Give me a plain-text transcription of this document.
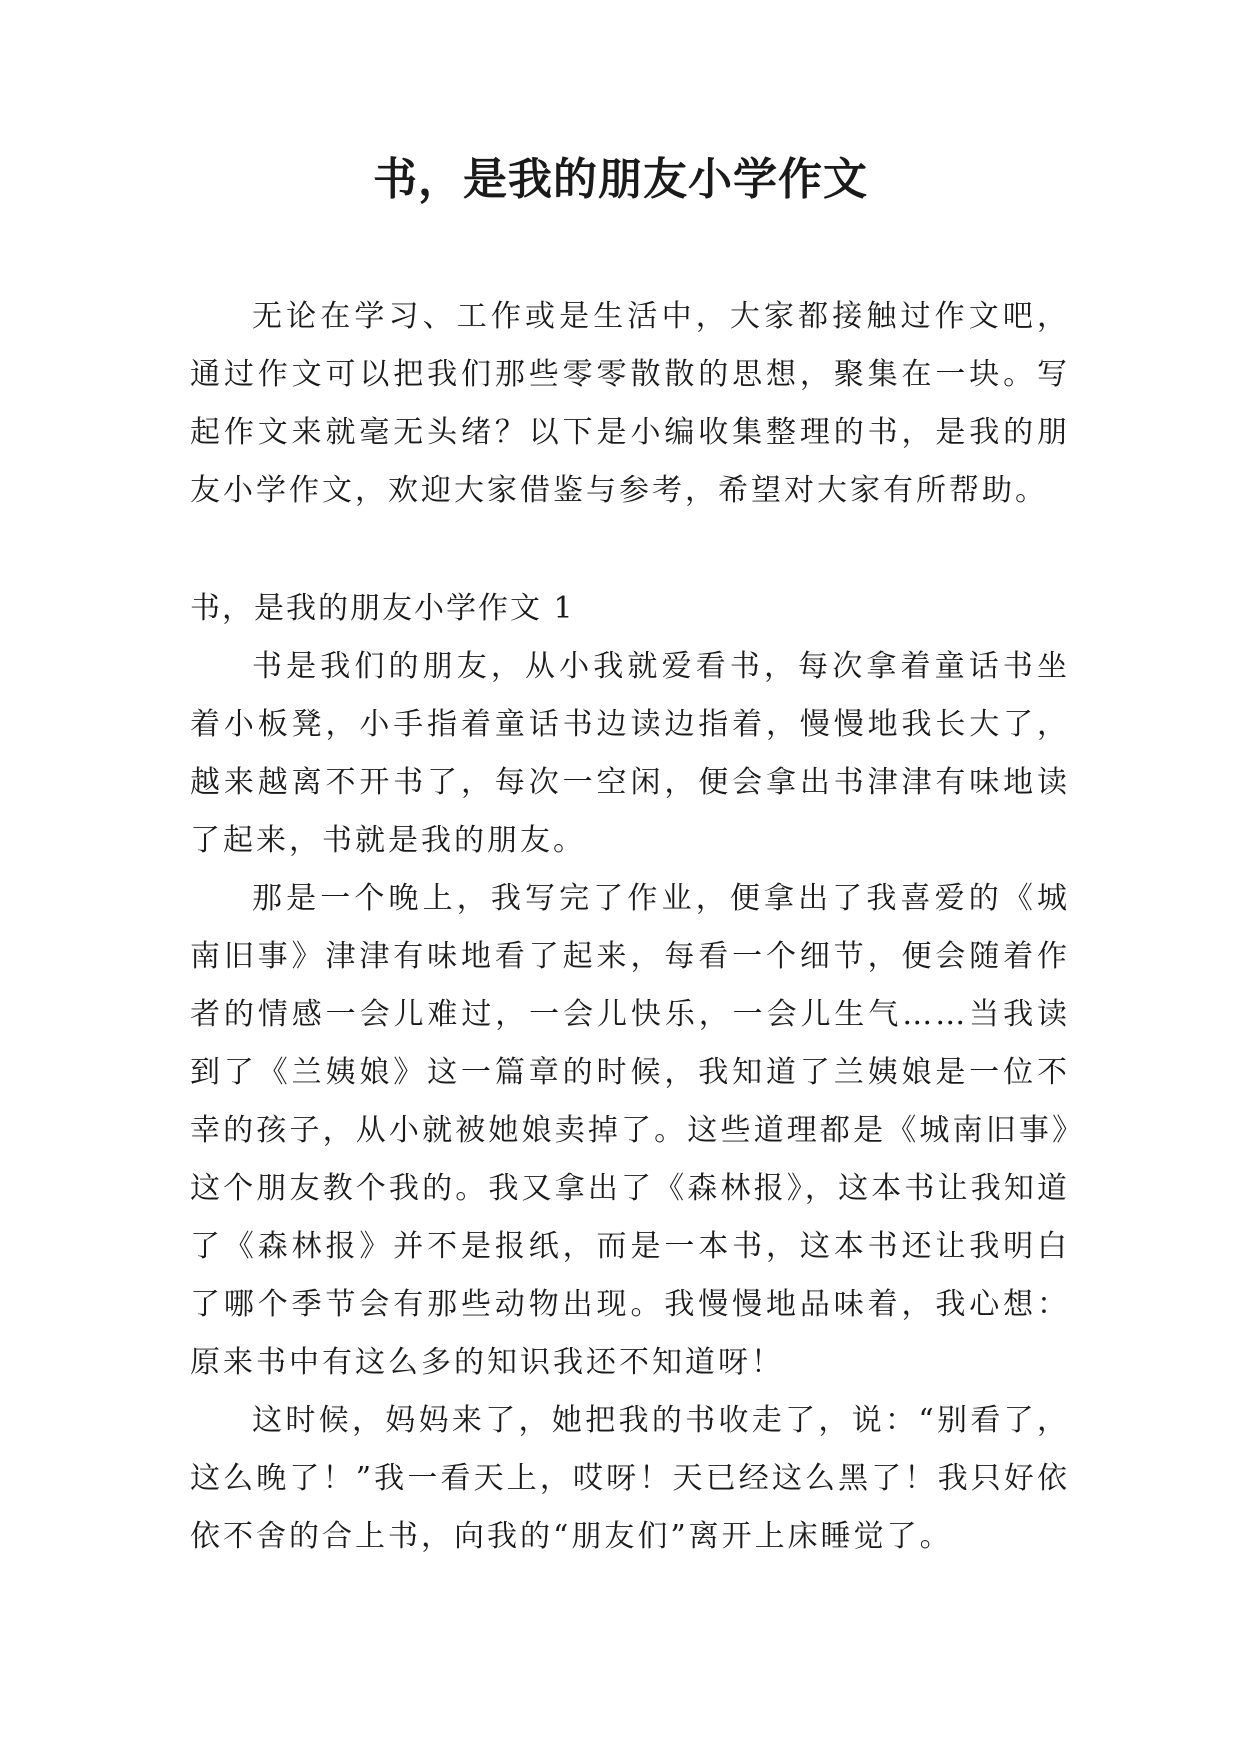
书，是我的朋友小学作文

无论在学习、工作或是生活中，大家都接触过作文吧，通过作文可以把我们那些零零散散的思想，聚集在一块。写起作文来就毫无头绪？以下是小编收集整理的书，是我的朋友小学作文，欢迎大家借鉴与参考，希望对大家有所帮助。

书，是我的朋友小学作文 1

书是我们的朋友，从小我就爱看书，每次拿着童话书坐着小板凳，小手指着童话书边读边指着，慢慢地我长大了，越来越离不开书了，每次一空闲，便会拿出书津津有味地读了起来，书就是我的朋友。

那是一个晚上，我写完了作业，便拿出了我喜爱的《城南旧事》津津有味地看了起来，每看一个细节，便会随着作者的情感一会儿难过，一会儿快乐，一会儿生气……当我读到了《兰姨娘》这一篇章的时候，我知道了兰姨娘是一位不幸的孩子，从小就被她娘卖掉了。这些道理都是《城南旧事》这个朋友教个我的。我又拿出了《森林报》，这本书让我知道了《森林报》并不是报纸，而是一本书，这本书还让我明白了哪个季节会有那些动物出现。我慢慢地品味着，我心想：原来书中有这么多的知识我还不知道呀！

这时候，妈妈来了，她把我的书收走了，说：“别看了，这么晚了！”我一看天上，哎呀！天已经这么黑了！我只好依依不舍的合上书，向我的“朋友们”离开上床睡觉了。
